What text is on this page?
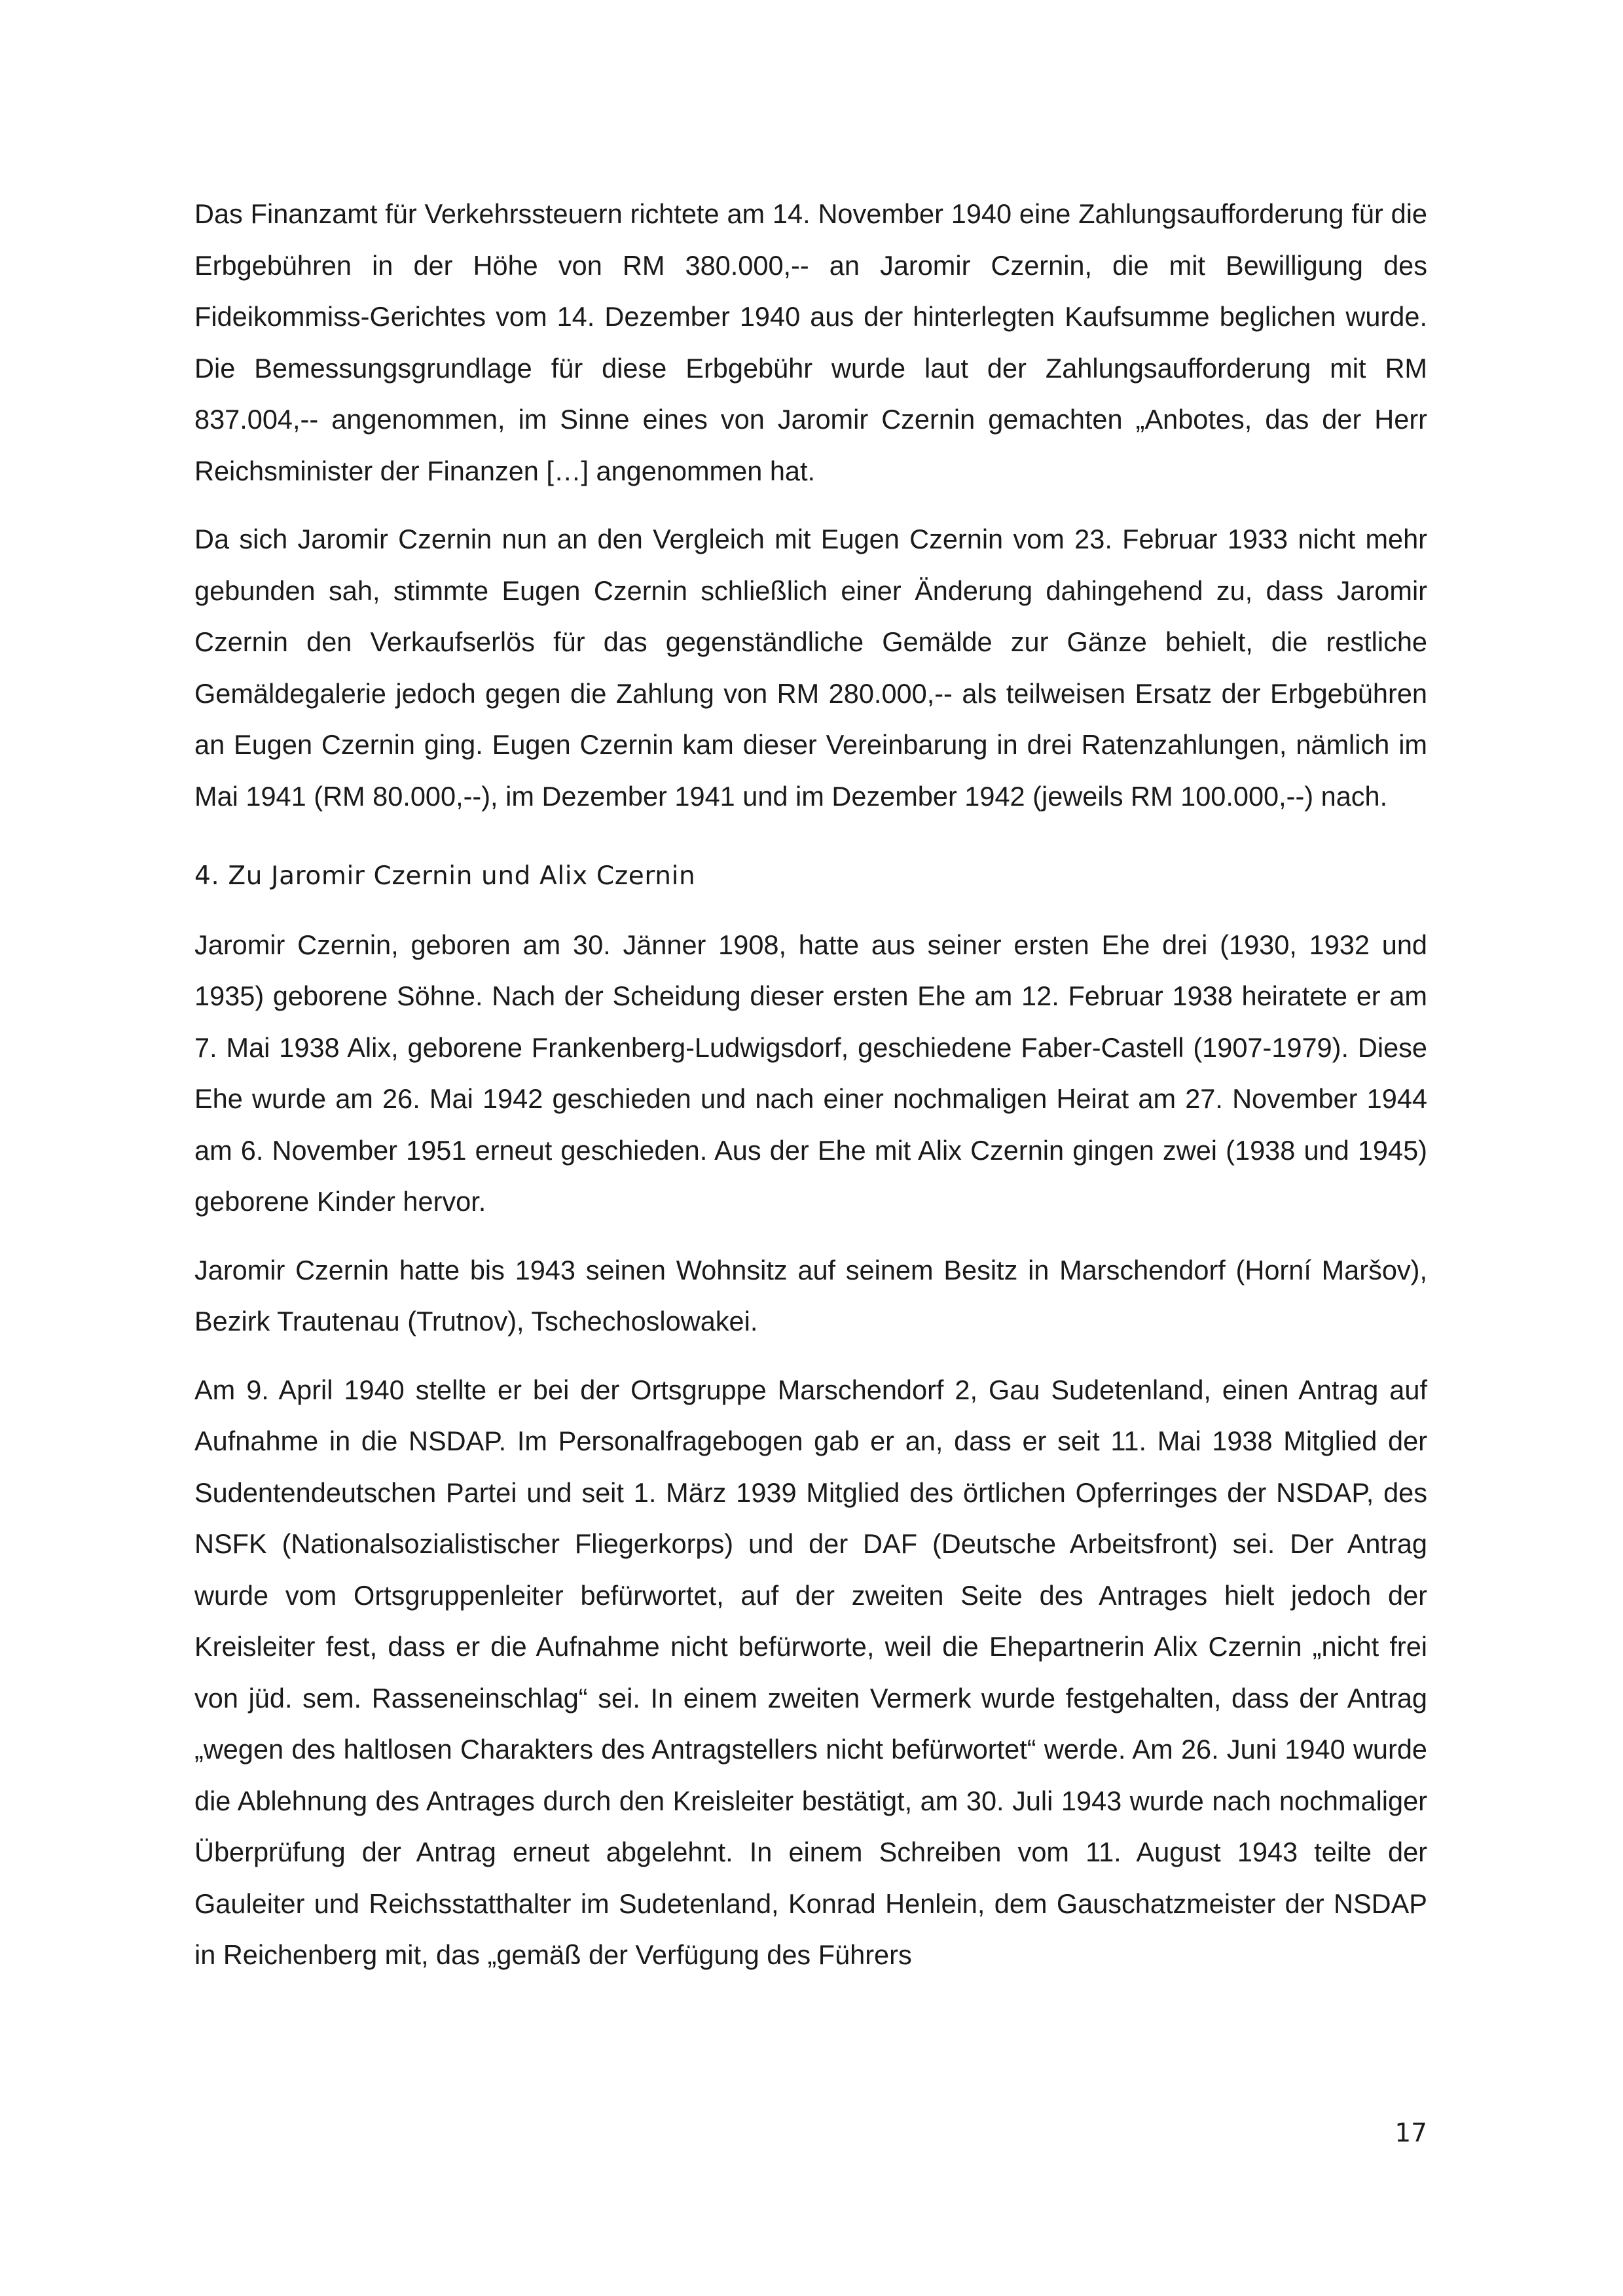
Das Finanzamt für Verkehrssteuern richtete am 14. November 1940 eine Zahlungsaufforderung für die Erbgebühren in der Höhe von RM 380.000,-- an Jaromir Czernin, die mit Bewilligung des Fideikommiss-Gerichtes vom 14. Dezember 1940 aus der hinterlegten Kaufsumme beglichen wurde. Die Bemessungsgrundlage für diese Erbgebühr wurde laut der Zahlungsaufforderung mit RM 837.004,-- angenommen, im Sinne eines von Jaromir Czernin gemachten „Anbotes, das der Herr Reichsminister der Finanzen […] angenommen hat.

Da sich Jaromir Czernin nun an den Vergleich mit Eugen Czernin vom 23. Februar 1933 nicht mehr gebunden sah, stimmte Eugen Czernin schließlich einer Änderung dahingehend zu, dass Jaromir Czernin den Verkaufserlös für das gegenständliche Gemälde zur Gänze behielt, die restliche Gemäldegalerie jedoch gegen die Zahlung von RM 280.000,-- als teilweisen Ersatz der Erbgebühren an Eugen Czernin ging. Eugen Czernin kam dieser Vereinbarung in drei Ratenzahlungen, nämlich im Mai 1941 (RM 80.000,--), im Dezember 1941 und im Dezember 1942 (jeweils RM 100.000,--) nach.

4. Zu Jaromir Czernin und Alix Czernin

Jaromir Czernin, geboren am 30. Jänner 1908, hatte aus seiner ersten Ehe drei (1930, 1932 und 1935) geborene Söhne. Nach der Scheidung dieser ersten Ehe am 12. Februar 1938 heiratete er am 7. Mai 1938 Alix, geborene Frankenberg-Ludwigsdorf, geschiedene Faber-Castell (1907-1979). Diese Ehe wurde am 26. Mai 1942 geschieden und nach einer nochmaligen Heirat am 27. November 1944 am 6. November 1951 erneut geschieden. Aus der Ehe mit Alix Czernin gingen zwei (1938 und 1945) geborene Kinder hervor.

Jaromir Czernin hatte bis 1943 seinen Wohnsitz auf seinem Besitz in Marschendorf (Horní Maršov), Bezirk Trautenau (Trutnov), Tschechoslowakei.

Am 9. April 1940 stellte er bei der Ortsgruppe Marschendorf 2, Gau Sudetenland, einen Antrag auf Aufnahme in die NSDAP. Im Personalfragebogen gab er an, dass er seit 11. Mai 1938 Mitglied der Sudentendeutschen Partei und seit 1. März 1939 Mitglied des örtlichen Opferringes der NSDAP, des NSFK (Nationalsozialistischer Fliegerkorps) und der DAF (Deutsche Arbeitsfront) sei. Der Antrag wurde vom Ortsgruppenleiter befürwortet, auf der zweiten Seite des Antrages hielt jedoch der Kreisleiter fest, dass er die Aufnahme nicht befürworte, weil die Ehepartnerin Alix Czernin „nicht frei von jüd. sem. Rasseneinschlag“ sei. In einem zweiten Vermerk wurde festgehalten, dass der Antrag „wegen des haltlosen Charakters des Antragstellers nicht befürwortet“ werde. Am 26. Juni 1940 wurde die Ablehnung des Antrages durch den Kreisleiter bestätigt, am 30. Juli 1943 wurde nach nochmaliger Überprüfung der Antrag erneut abgelehnt. In einem Schreiben vom 11. August 1943 teilte der Gauleiter und Reichsstatthalter im Sudetenland, Konrad Henlein, dem Gauschatzmeister der NSDAP in Reichenberg mit, das „gemäß der Verfügung des Führers

17
